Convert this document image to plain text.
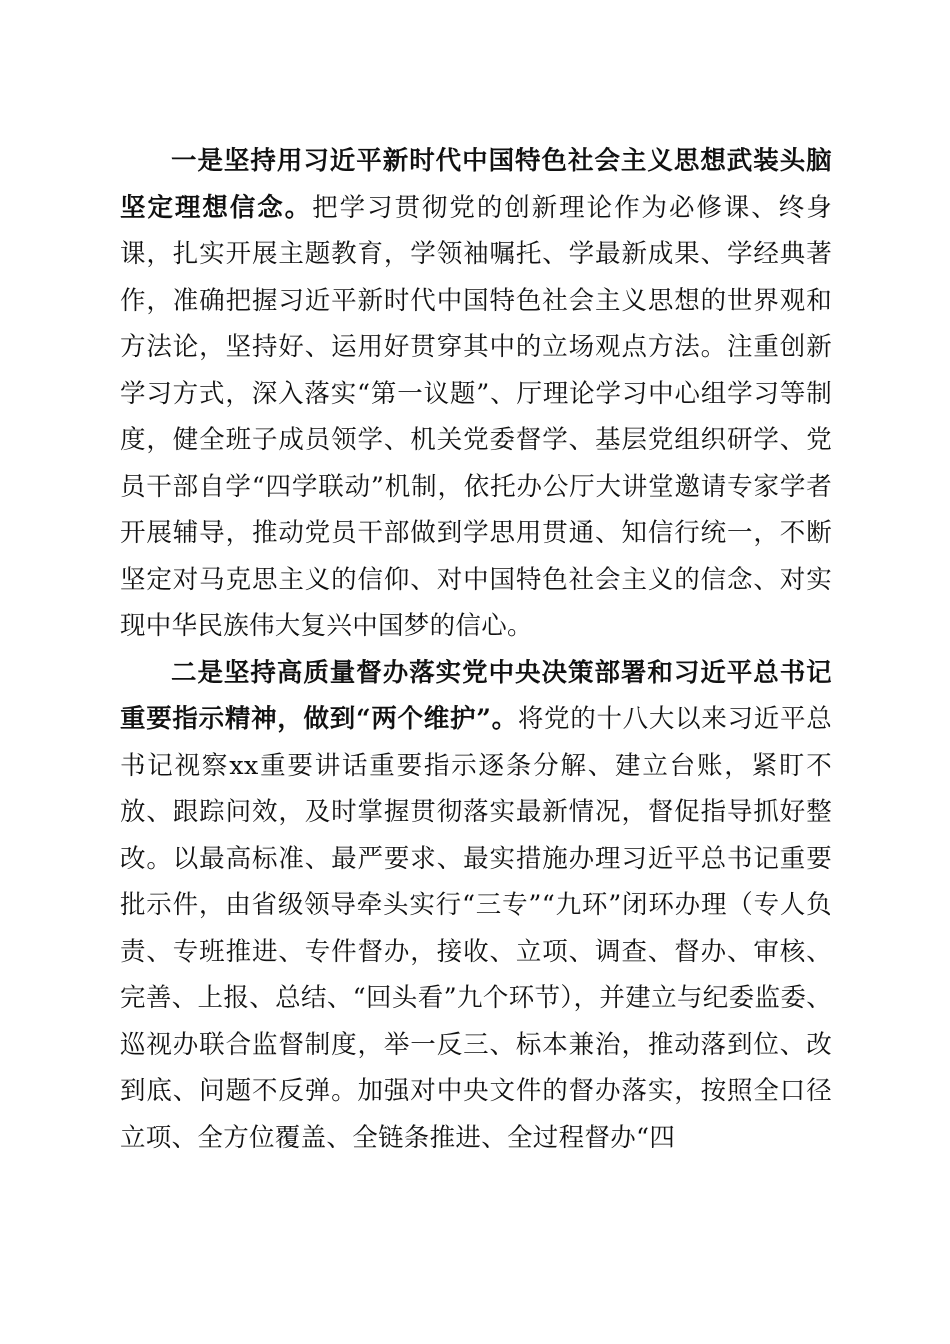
一是坚持用习近平新时代中国特色社会主义思想武装头脑坚定理想信念。把学习贯彻党的创新理论作为必修课、终身课，扎实开展主题教育，学领袖嘱托、学最新成果、学经典著作，准确把握习近平新时代中国特色社会主义思想的世界观和方法论，坚持好、运用好贯穿其中的立场观点方法。注重创新学习方式，深入落实“第一议题”、厅理论学习中心组学习等制度，健全班子成员领学、机关党委督学、基层党组织研学、党员干部自学“四学联动”机制，依托办公厅大讲堂邀请专家学者开展辅导，推动党员干部做到学思用贯通、知信行统一，不断坚定对马克思主义的信仰、对中国特色社会主义的信念、对实现中华民族伟大复兴中国梦的信心。

二是坚持高质量督办落实党中央决策部署和习近平总书记重要指示精神，做到“两个维护”。将党的十八大以来习近平总书记视察xx重要讲话重要指示逐条分解、建立台账，紧盯不放、跟踪问效，及时掌握贯彻落实最新情况，督促指导抓好整改。以最高标准、最严要求、最实措施办理习近平总书记重要批示件，由省级领导牵头实行“三专”“九环”闭环办理（专人负责、专班推进、专件督办，接收、立项、调查、督办、审核、完善、上报、总结、“回头看”九个环节），并建立与纪委监委、巡视办联合监督制度，举一反三、标本兼治，推动落到位、改到底、问题不反弹。加强对中央文件的督办落实，按照全口径立项、全方位覆盖、全链条推进、全过程督办“四
